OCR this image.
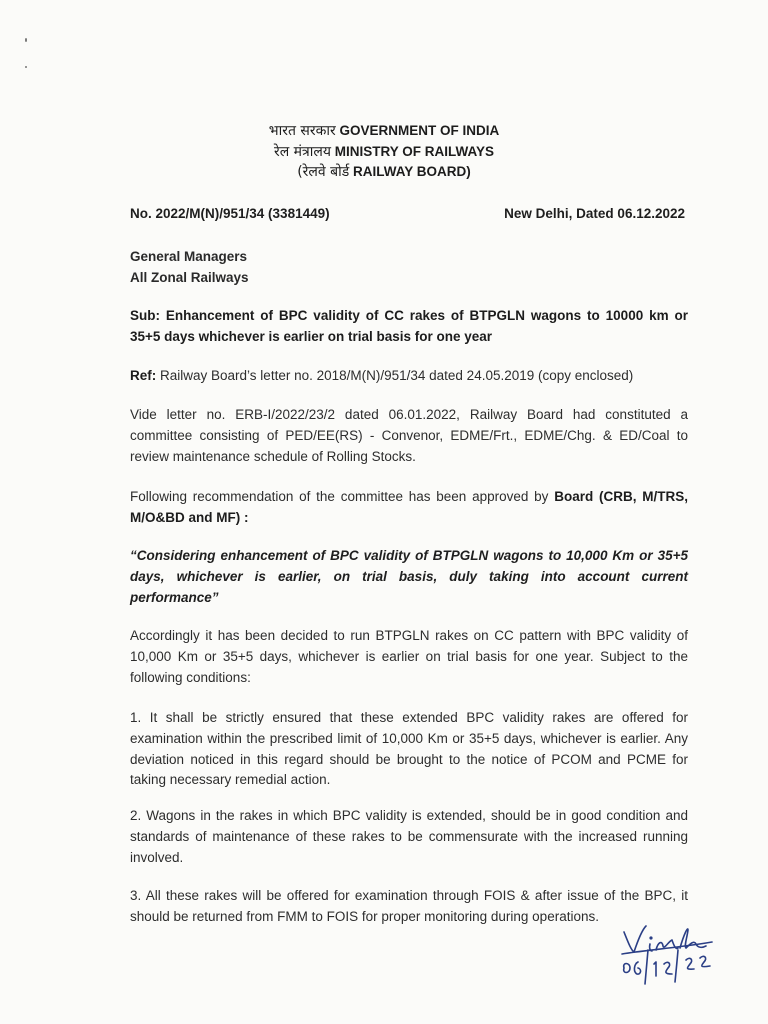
भारत सरकार GOVERNMENT OF INDIA
रेल मंत्रालय MINISTRY OF RAILWAYS
(रेलवे बोर्ड RAILWAY BOARD)
No. 2022/M(N)/951/34 (3381449)	New Delhi, Dated 06.12.2022
General Managers
All Zonal Railways
Sub: Enhancement of BPC validity of CC rakes of BTPGLN wagons to 10000 km or 35+5 days whichever is earlier on trial basis for one year
Ref: Railway Board’s letter no. 2018/M(N)/951/34 dated 24.05.2019 (copy enclosed)
Vide letter no. ERB-I/2022/23/2 dated 06.01.2022, Railway Board had constituted a committee consisting of PED/EE(RS) - Convenor, EDME/Frt., EDME/Chg. & ED/Coal to review maintenance schedule of Rolling Stocks.
Following recommendation of the committee has been approved by Board (CRB, M/TRS, M/O&BD and MF) :
“Considering enhancement of BPC validity of BTPGLN wagons to 10,000 Km or 35+5 days, whichever is earlier, on trial basis, duly taking into account current performance”
Accordingly it has been decided to run BTPGLN rakes on CC pattern with BPC validity of 10,000 Km or 35+5 days, whichever is earlier on trial basis for one year. Subject to the following conditions:
1. It shall be strictly ensured that these extended BPC validity rakes are offered for examination within the prescribed limit of 10,000 Km or 35+5 days, whichever is earlier. Any deviation noticed in this regard should be brought to the notice of PCOM and PCME for taking necessary remedial action.
2. Wagons in the rakes in which BPC validity is extended, should be in good condition and standards of maintenance of these rakes to be commensurate with the increased running involved.
3. All these rakes will be offered for examination through FOIS & after issue of the BPC, it should be returned from FMM to FOIS for proper monitoring during operations.
